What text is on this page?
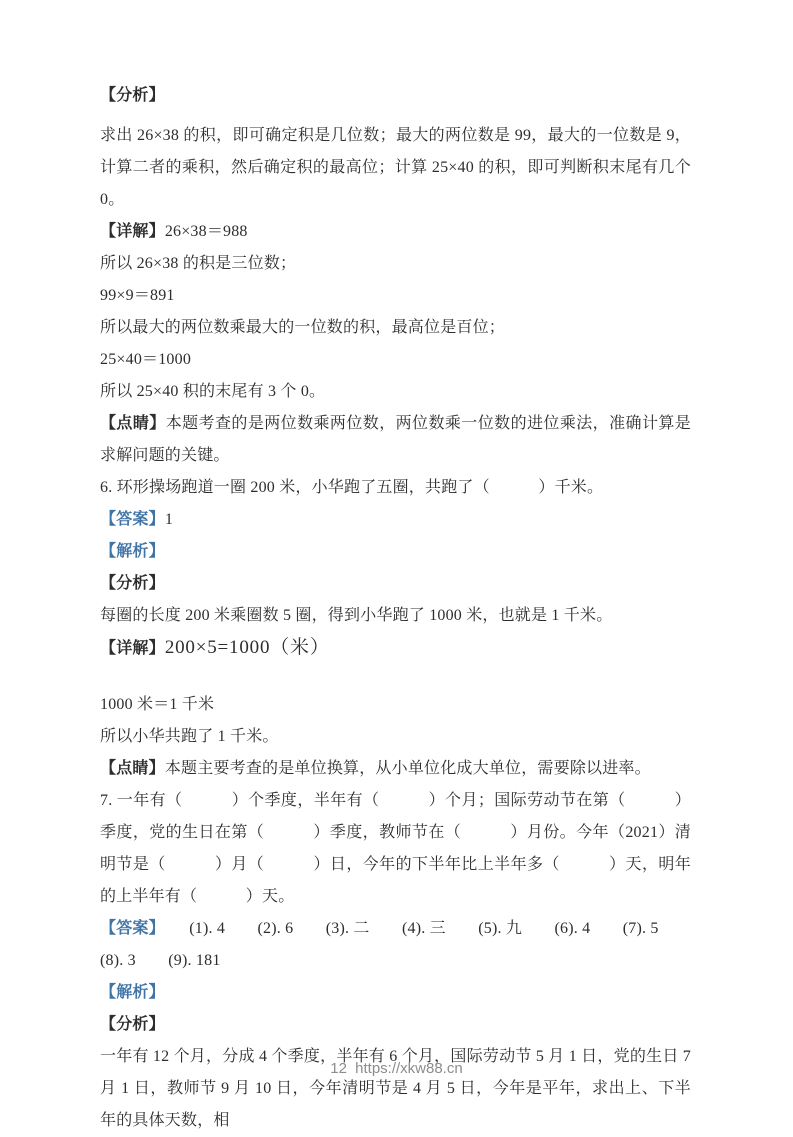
【分析】

求出 26×38 的积，即可确定积是几位数；最大的两位数是 99，最大的一位数是 9，计算二者的乘积，然后确定积的最高位；计算 25×40 的积，即可判断积末尾有几个 0。

【详解】26×38＝988

所以 26×38 的积是三位数；

99×9＝891

所以最大的两位数乘最大的一位数的积，最高位是百位；

25×40＝1000

所以 25×40 积的末尾有 3 个 0。

【点睛】本题考查的是两位数乘两位数，两位数乘一位数的进位乘法，准确计算是求解问题的关键。

6. 环形操场跑道一圈 200 米，小华跑了五圈，共跑了（　　　）千米。

【答案】1

【解析】

【分析】

每圈的长度 200 米乘圈数 5 圈，得到小华跑了 1000 米，也就是 1 千米。

【详解】200×5=1000（米）

1000 米＝1 千米

所以小华共跑了 1 千米。

【点睛】本题主要考查的是单位换算，从小单位化成大单位，需要除以进率。

7. 一年有（　　　）个季度，半年有（　　　）个月；国际劳动节在第（　　　）季度，党的生日在第（　　　）季度，教师节在（　　　）月份。今年（2021）清明节是（　　　）月（　　　）日，今年的下半年比上半年多（　　　）天，明年的上半年有（　　　）天。

【答案】　　(1). 4　　(2). 6　　(3). 二　　(4). 三　　(5). 九　　(6). 4　　(7). 5　　(8). 3　　(9). 181

【解析】

【分析】

一年有 12 个月，分成 4 个季度，半年有 6 个月，国际劳动节 5 月 1 日，党的生日 7 月 1 日，教师节 9 月 10 日，今年清明节是 4 月 5 日，今年是平年，求出上、下半年的具体天数，相

12 https://xkw88.cn
